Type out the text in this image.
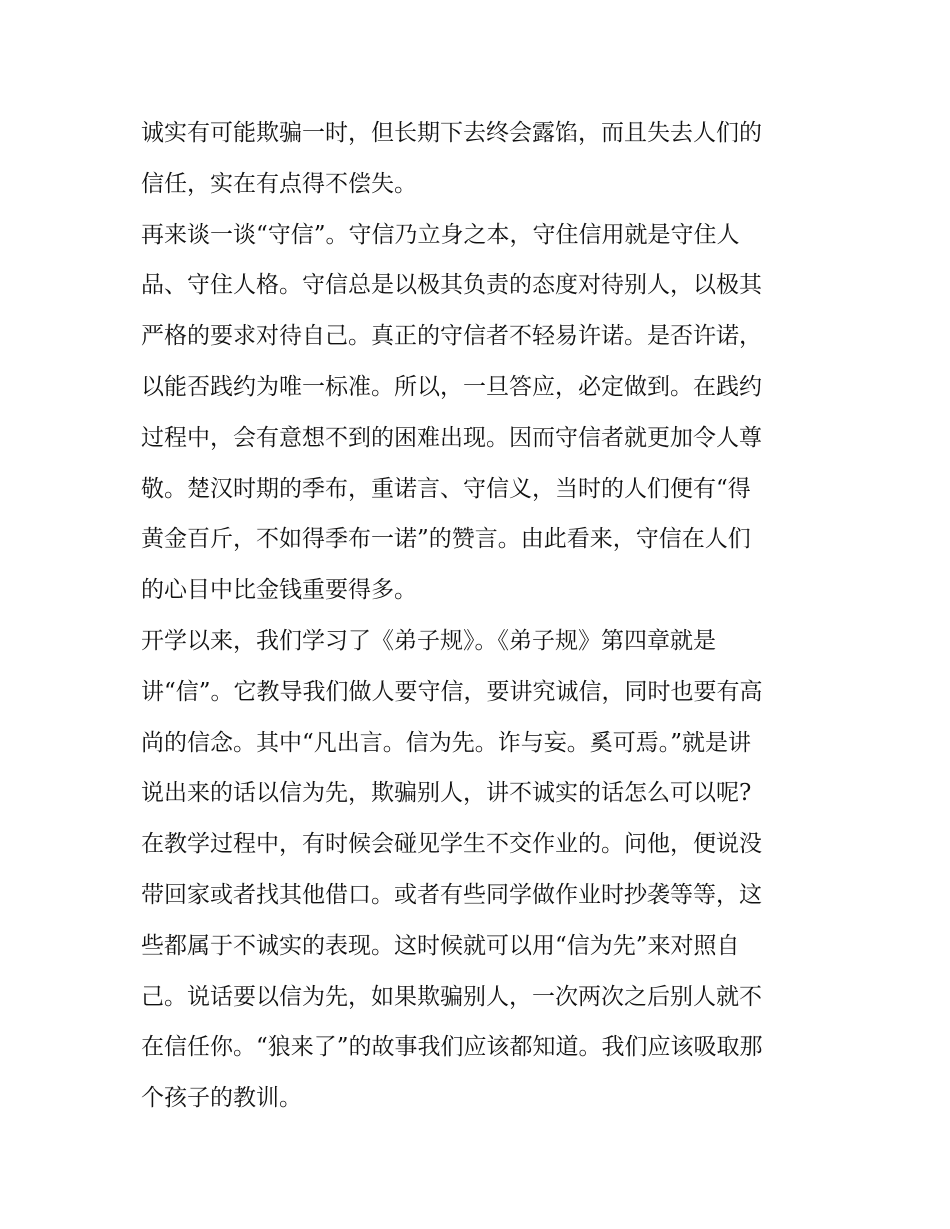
诚实有可能欺骗一时，但长期下去终会露馅，而且失去人们的
信任，实在有点得不偿失。
再来谈一谈“守信”。守信乃立身之本，守住信用就是守住人
品、守住人格。守信总是以极其负责的态度对待别人，以极其
严格的要求对待自己。真正的守信者不轻易许诺。是否许诺，
以能否践约为唯一标准。所以，一旦答应，必定做到。在践约
过程中，会有意想不到的困难出现。因而守信者就更加令人尊
敬。楚汉时期的季布，重诺言、守信义，当时的人们便有“得
黄金百斤，不如得季布一诺”的赞言。由此看来，守信在人们
的心目中比金钱重要得多。
开学以来，我们学习了《弟子规》。《弟子规》第四章就是
讲“信”。它教导我们做人要守信，要讲究诚信，同时也要有高
尚的信念。其中“凡出言。信为先。诈与妄。奚可焉。”就是讲
说出来的话以信为先，欺骗别人，讲不诚实的话怎么可以呢?
在教学过程中，有时候会碰见学生不交作业的。问他，便说没
带回家或者找其他借口。或者有些同学做作业时抄袭等等，这
些都属于不诚实的表现。这时候就可以用“信为先”来对照自
己。说话要以信为先，如果欺骗别人，一次两次之后别人就不
在信任你。“狼来了”的故事我们应该都知道。我们应该吸取那
个孩子的教训。
